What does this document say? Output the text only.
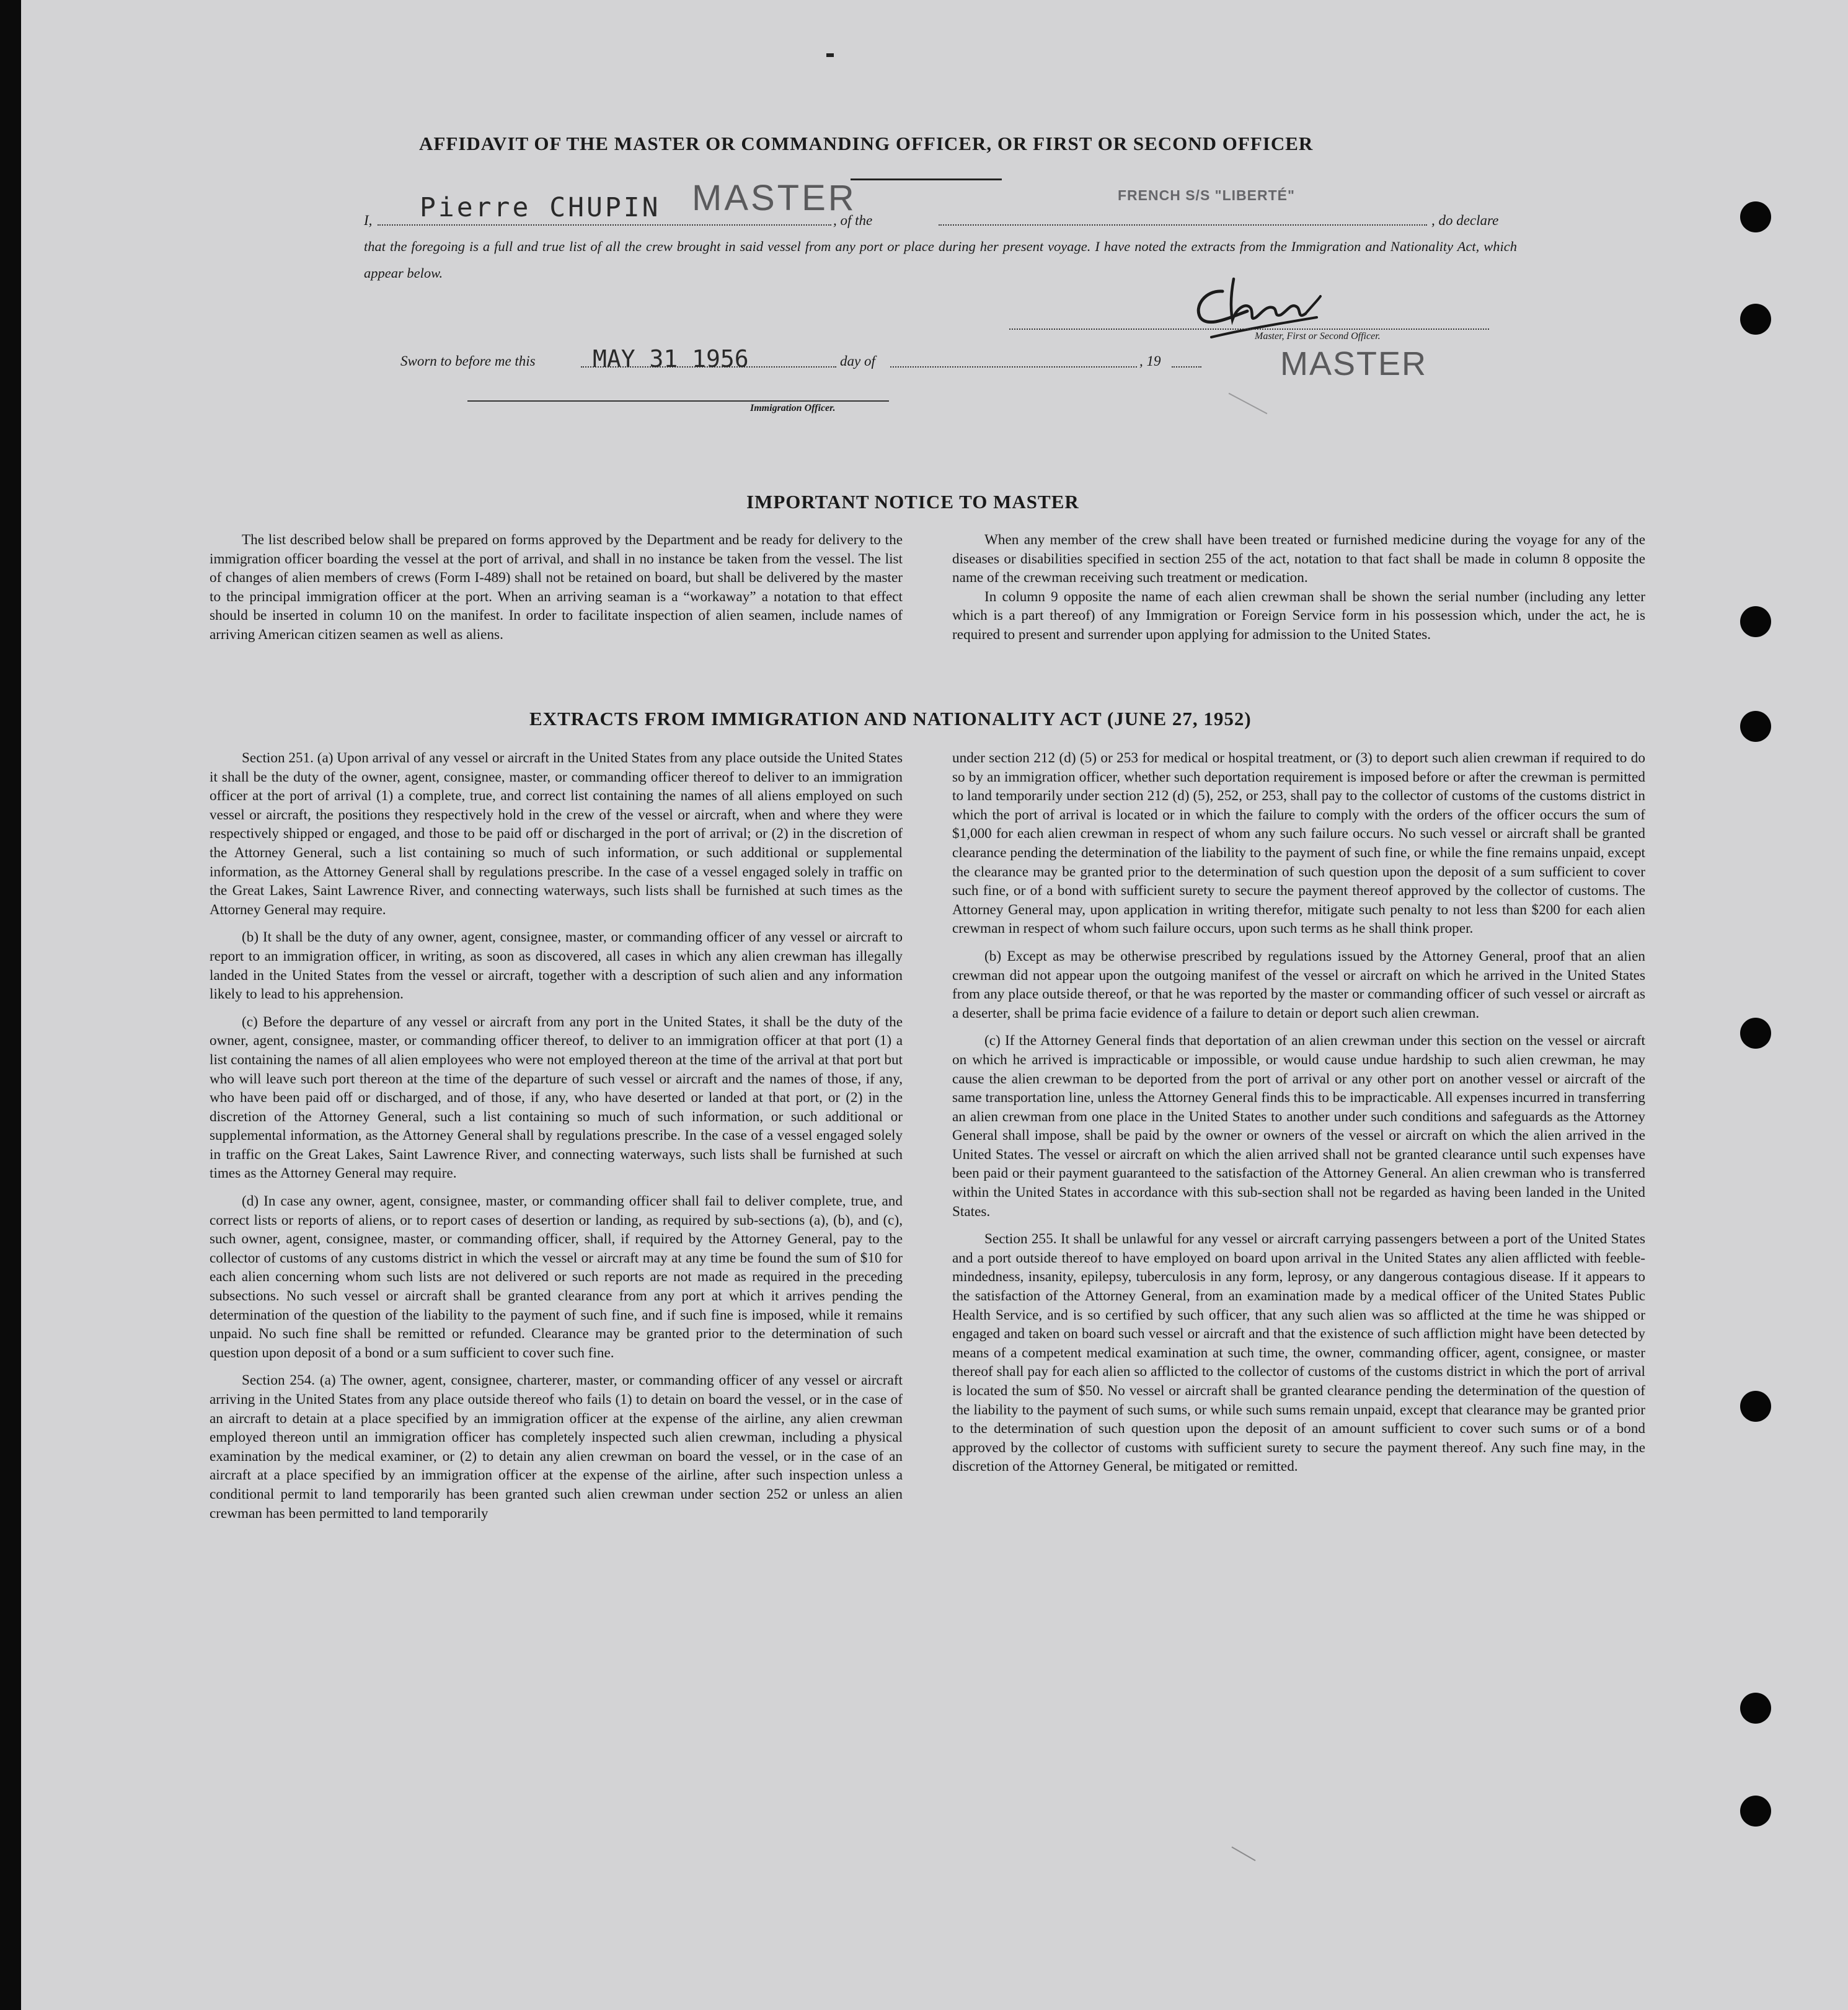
AFFIDAVIT OF THE MASTER OR COMMANDING OFFICER, OR FIRST OR SECOND OFFICER
I, Pierre CHUPIN MASTER
, of the
FRENCH S/S "LIBERTÉ"
, do declare
that the foregoing is a full and true list of all the crew brought in said vessel from any port or place during her present voyage. I have noted the extracts from the Immigration and Nationality Act, which appear below.
Master, First or Second Officer.
MASTER
Sworn to before me this MAY 31 1956	day of	, 19
Immigration Officer.
IMPORTANT NOTICE TO MASTER

The list described below shall be prepared on forms approved by the Department and be ready for delivery to the immigration officer boarding the vessel at the port of arrival, and shall in no instance be taken from the vessel. The list of changes of alien members of crews (Form I-489) shall not be retained on board, but shall be delivered by the master to the principal immigration officer at the port. When an arriving seaman is a “workaway” a notation to that effect should be inserted in column 10 on the manifest. In order to facilitate inspection of alien seamen, include names of arriving American citizen seamen as well as aliens.

When any member of the crew shall have been treated or furnished medicine during the voyage for any of the diseases or disabilities specified in section 255 of the act, notation to that fact shall be made in column 8 opposite the name of the crewman receiving such treatment or medication.

In column 9 opposite the name of each alien crewman shall be shown the serial number (including any letter which is a part thereof) of any Immigration or Foreign Service form in his possession which, under the act, he is required to present and surrender upon applying for admission to the United States.

EXTRACTS FROM IMMIGRATION AND NATIONALITY ACT (JUNE 27, 1952)

Section 251. (a) Upon arrival of any vessel or aircraft in the United States from any place outside the United States it shall be the duty of the owner, agent, consignee, master, or commanding officer thereof to deliver to an immigration officer at the port of arrival (1) a complete, true, and correct list containing the names of all aliens employed on such vessel or aircraft, the positions they respectively hold in the crew of the vessel or aircraft, when and where they were respectively shipped or engaged, and those to be paid off or discharged in the port of arrival; or (2) in the discretion of the Attorney General, such a list containing so much of such information, or such additional or supplemental information, as the Attorney General shall by regulations prescribe. In the case of a vessel engaged solely in traffic on the Great Lakes, Saint Lawrence River, and connecting waterways, such lists shall be furnished at such times as the Attorney General may require.

(b) It shall be the duty of any owner, agent, consignee, master, or commanding officer of any vessel or aircraft to report to an immigration officer, in writing, as soon as discovered, all cases in which any alien crewman has illegally landed in the United States from the vessel or aircraft, together with a description of such alien and any information likely to lead to his apprehension.

(c) Before the departure of any vessel or aircraft from any port in the United States, it shall be the duty of the owner, agent, consignee, master, or commanding officer thereof, to deliver to an immigration officer at that port (1) a list containing the names of all alien employees who were not employed thereon at the time of the arrival at that port but who will leave such port thereon at the time of the departure of such vessel or aircraft and the names of those, if any, who have been paid off or discharged, and of those, if any, who have deserted or landed at that port, or (2) in the discretion of the Attorney General, such a list containing so much of such information, or such additional or supplemental information, as the Attorney General shall by regulations prescribe. In the case of a vessel engaged solely in traffic on the Great Lakes, Saint Lawrence River, and connecting waterways, such lists shall be furnished at such times as the Attorney General may require.

(d) In case any owner, agent, consignee, master, or commanding officer shall fail to deliver complete, true, and correct lists or reports of aliens, or to report cases of desertion or landing, as required by sub-sections (a), (b), and (c), such owner, agent, consignee, master, or commanding officer, shall, if required by the Attorney General, pay to the collector of customs of any customs district in which the vessel or aircraft may at any time be found the sum of $10 for each alien concerning whom such lists are not delivered or such reports are not made as required in the preceding subsections. No such vessel or aircraft shall be granted clearance from any port at which it arrives pending the determination of the question of the liability to the payment of such fine, and if such fine is imposed, while it remains unpaid. No such fine shall be remitted or refunded. Clearance may be granted prior to the determination of such question upon deposit of a bond or a sum sufficient to cover such fine.

Section 254. (a) The owner, agent, consignee, charterer, master, or commanding officer of any vessel or aircraft arriving in the United States from any place outside thereof who fails (1) to detain on board the vessel, or in the case of an aircraft to detain at a place specified by an immigration officer at the expense of the airline, any alien crewman employed thereon until an immigration officer has completely inspected such alien crewman, including a physical examination by the medical examiner, or (2) to detain any alien crewman on board the vessel, or in the case of an aircraft at a place specified by an immigration officer at the expense of the airline, after such inspection unless a conditional permit to land temporarily has been granted such alien crewman under section 252 or unless an alien crewman has been permitted to land temporarily

under section 212 (d) (5) or 253 for medical or hospital treatment, or (3) to deport such alien crewman if required to do so by an immigration officer, whether such deportation requirement is imposed before or after the crewman is permitted to land temporarily under section 212 (d) (5), 252, or 253, shall pay to the collector of customs of the customs district in which the port of arrival is located or in which the failure to comply with the orders of the officer occurs the sum of $1,000 for each alien crewman in respect of whom any such failure occurs. No such vessel or aircraft shall be granted clearance pending the determination of the liability to the payment of such fine, or while the fine remains unpaid, except the clearance may be granted prior to the determination of such question upon the deposit of a sum sufficient to cover such fine, or of a bond with sufficient surety to secure the payment thereof approved by the collector of customs. The Attorney General may, upon application in writing therefor, mitigate such penalty to not less than $200 for each alien crewman in respect of whom such failure occurs, upon such terms as he shall think proper.

(b) Except as may be otherwise prescribed by regulations issued by the Attorney General, proof that an alien crewman did not appear upon the outgoing manifest of the vessel or aircraft on which he arrived in the United States from any place outside thereof, or that he was reported by the master or commanding officer of such vessel or aircraft as a deserter, shall be prima facie evidence of a failure to detain or deport such alien crewman.

(c) If the Attorney General finds that deportation of an alien crewman under this section on the vessel or aircraft on which he arrived is impracticable or impossible, or would cause undue hardship to such alien crewman, he may cause the alien crewman to be deported from the port of arrival or any other port on another vessel or aircraft of the same transportation line, unless the Attorney General finds this to be impracticable. All expenses incurred in transferring an alien crewman from one place in the United States to another under such conditions and safeguards as the Attorney General shall impose, shall be paid by the owner or owners of the vessel or aircraft on which the alien arrived in the United States. The vessel or aircraft on which the alien arrived shall not be granted clearance until such expenses have been paid or their payment guaranteed to the satisfaction of the Attorney General. An alien crewman who is transferred within the United States in accordance with this sub-section shall not be regarded as having been landed in the United States.

Section 255. It shall be unlawful for any vessel or aircraft carrying passengers between a port of the United States and a port outside thereof to have employed on board upon arrival in the United States any alien afflicted with feeble-mindedness, insanity, epilepsy, tuberculosis in any form, leprosy, or any dangerous contagious disease. If it appears to the satisfaction of the Attorney General, from an examination made by a medical officer of the United States Public Health Service, and is so certified by such officer, that any such alien was so afflicted at the time he was shipped or engaged and taken on board such vessel or aircraft and that the existence of such affliction might have been detected by means of a competent medical examination at such time, the owner, commanding officer, agent, consignee, or master thereof shall pay for each alien so afflicted to the collector of customs of the customs district in which the port of arrival is located the sum of $50. No vessel or aircraft shall be granted clearance pending the determination of the question of the liability to the payment of such sums, or while such sums remain unpaid, except that clearance may be granted prior to the determination of such question upon the deposit of an amount sufficient to cover such sums or of a bond approved by the collector of customs with sufficient surety to secure the payment thereof. Any such fine may, in the discretion of the Attorney General, be mitigated or remitted.
